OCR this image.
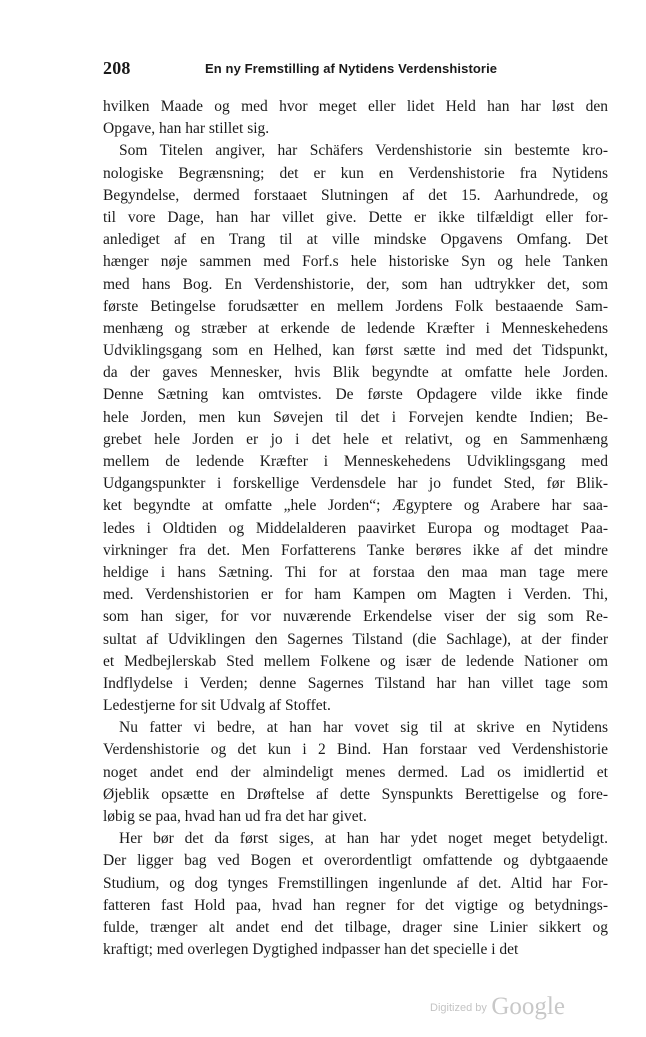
208	En ny Fremstilling af Nytidens Verdenshistorie
hvilken Maade og med hvor meget eller lidet Held han har løst den
Opgave, han har stillet sig.
Som Titelen angiver, har Schäfers Verdenshistorie sin bestemte kro-
nologiske Begrænsning; det er kun en Verdenshistorie fra Nytidens
Begyndelse, dermed forstaaet Slutningen af det 15. Aarhundrede, og
til vore Dage, han har villet give. Dette er ikke tilfældigt eller for-
anlediget af en Trang til at ville mindske Opgavens Omfang. Det
hænger nøje sammen med Forf.s hele historiske Syn og hele Tanken
med hans Bog. En Verdenshistorie, der, som han udtrykker det, som
første Betingelse forudsætter en mellem Jordens Folk bestaaende Sam-
menhæng og stræber at erkende de ledende Kræfter i Menneskehedens
Udviklingsgang som en Helhed, kan først sætte ind med det Tidspunkt,
da der gaves Mennesker, hvis Blik begyndte at omfatte hele Jorden.
Denne Sætning kan omtvistes. De første Opdagere vilde ikke finde
hele Jorden, men kun Søvejen til det i Forvejen kendte Indien; Be-
grebet hele Jorden er jo i det hele et relativt, og en Sammenhæng
mellem de ledende Kræfter i Menneskehedens Udviklingsgang med
Udgangspunkter i forskellige Verdensdele har jo fundet Sted, før Blik-
ket begyndte at omfatte „hele Jorden“; Ægyptere og Arabere har saa-
ledes i Oldtiden og Middelalderen paavirket Europa og modtaget Paa-
virkninger fra det. Men Forfatterens Tanke berøres ikke af det mindre
heldige i hans Sætning. Thi for at forstaa den maa man tage mere
med. Verdenshistorien er for ham Kampen om Magten i Verden. Thi,
som han siger, for vor nuværende Erkendelse viser der sig som Re-
sultat af Udviklingen den Sagernes Tilstand (die Sachlage), at der finder
et Medbejlerskab Sted mellem Folkene og især de ledende Nationer om
Indflydelse i Verden; denne Sagernes Tilstand har han villet tage som
Ledestjerne for sit Udvalg af Stoffet.
Nu fatter vi bedre, at han har vovet sig til at skrive en Nytidens
Verdenshistorie og det kun i 2 Bind. Han forstaar ved Verdenshistorie
noget andet end der almindeligt menes dermed. Lad os imidlertid et
Øjeblik opsætte en Drøftelse af dette Synspunkts Berettigelse og fore-
løbig se paa, hvad han ud fra det har givet.
Her bør det da først siges, at han har ydet noget meget betydeligt.
Der ligger bag ved Bogen et overordentligt omfattende og dybtgaaende
Studium, og dog tynges Fremstillingen ingenlunde af det. Altid har For-
fatteren fast Hold paa, hvad han regner for det vigtige og betydnings-
fulde, trænger alt andet end det tilbage, drager sine Linier sikkert og
kraftigt; med overlegen Dygtighed indpasser han det specielle i det
Digitized by Google
